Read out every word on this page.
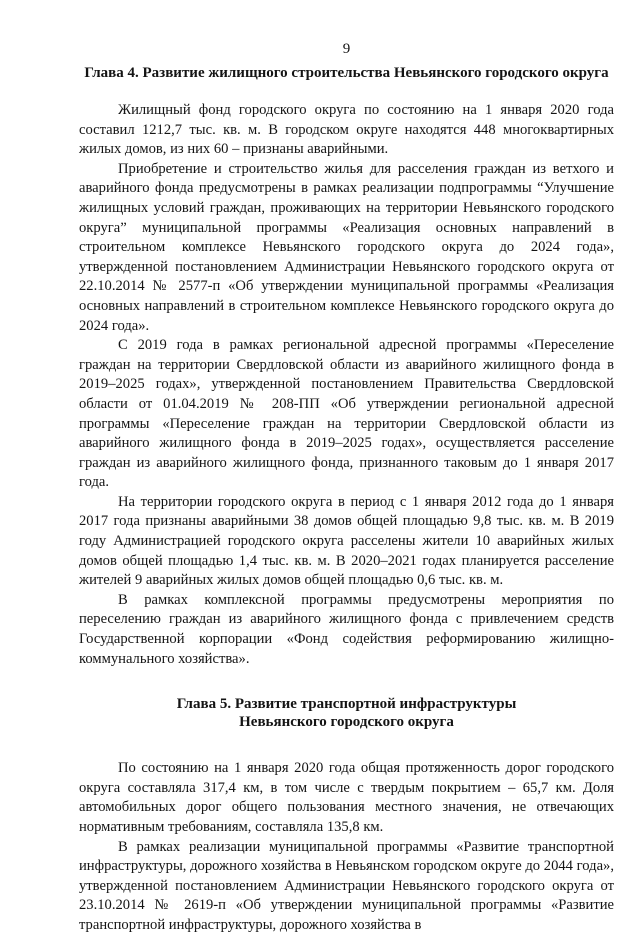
9
Глава 4. Развитие жилищного строительства Невьянского городского округа

Жилищный фонд городского округа по состоянию на 1 января 2020 года составил 1212,7 тыс. кв. м. В городском округе находятся 448 многоквартирных жилых домов, из них 60 – признаны аварийными.

Приобретение и строительство жилья для расселения граждан из ветхого и аварийного фонда предусмотрены в рамках реализации подпрограммы “Улучшение жилищных условий граждан, проживающих на территории Невьянского городского округа” муниципальной программы «Реализация основных направлений в строительном комплексе Невьянского городского округа до 2024 года», утвержденной постановлением Администрации Невьянского городского округа от 22.10.2014 № 2577-п «Об утверждении муниципальной программы «Реализация основных направлений в строительном комплексе Невьянского городского округа до 2024 года».

С 2019 года в рамках региональной адресной программы «Переселение граждан на территории Свердловской области из аварийного жилищного фонда в 2019–2025 годах», утвержденной постановлением Правительства Свердловской области от 01.04.2019 № 208-ПП «Об утверждении региональной адресной программы «Переселение граждан на территории Свердловской области из аварийного жилищного фонда в 2019–2025 годах», осуществляется расселение граждан из аварийного жилищного фонда, признанного таковым до 1 января 2017 года.

На территории городского округа в период с 1 января 2012 года до 1 января 2017 года признаны аварийными 38 домов общей площадью 9,8 тыс. кв. м. В 2019 году Администрацией городского округа расселены жители 10 аварийных жилых домов общей площадью 1,4 тыс. кв. м. В 2020–2021 годах планируется расселение жителей 9 аварийных жилых домов общей площадью 0,6 тыс. кв. м.

В рамках комплексной программы предусмотрены мероприятия по переселению граждан из аварийного жилищного фонда с привлечением средств Государственной корпорации «Фонд содействия реформированию жилищно-коммунального хозяйства».

Глава 5. Развитие транспортной инфраструктуры
Невьянского городского округа

По состоянию на 1 января 2020 года общая протяженность дорог городского округа составляла 317,4 км, в том числе с твердым покрытием – 65,7 км. Доля автомобильных дорог общего пользования местного значения, не отвечающих нормативным требованиям, составляла 135,8 км.

В рамках реализации муниципальной программы «Развитие транспортной инфраструктуры, дорожного хозяйства в Невьянском городском округе до 2044 года», утвержденной постановлением Администрации Невьянского городского округа от 23.10.2014 № 2619-п «Об утверждении муниципальной программы «Развитие транспортной инфраструктуры, дорожного хозяйства в
